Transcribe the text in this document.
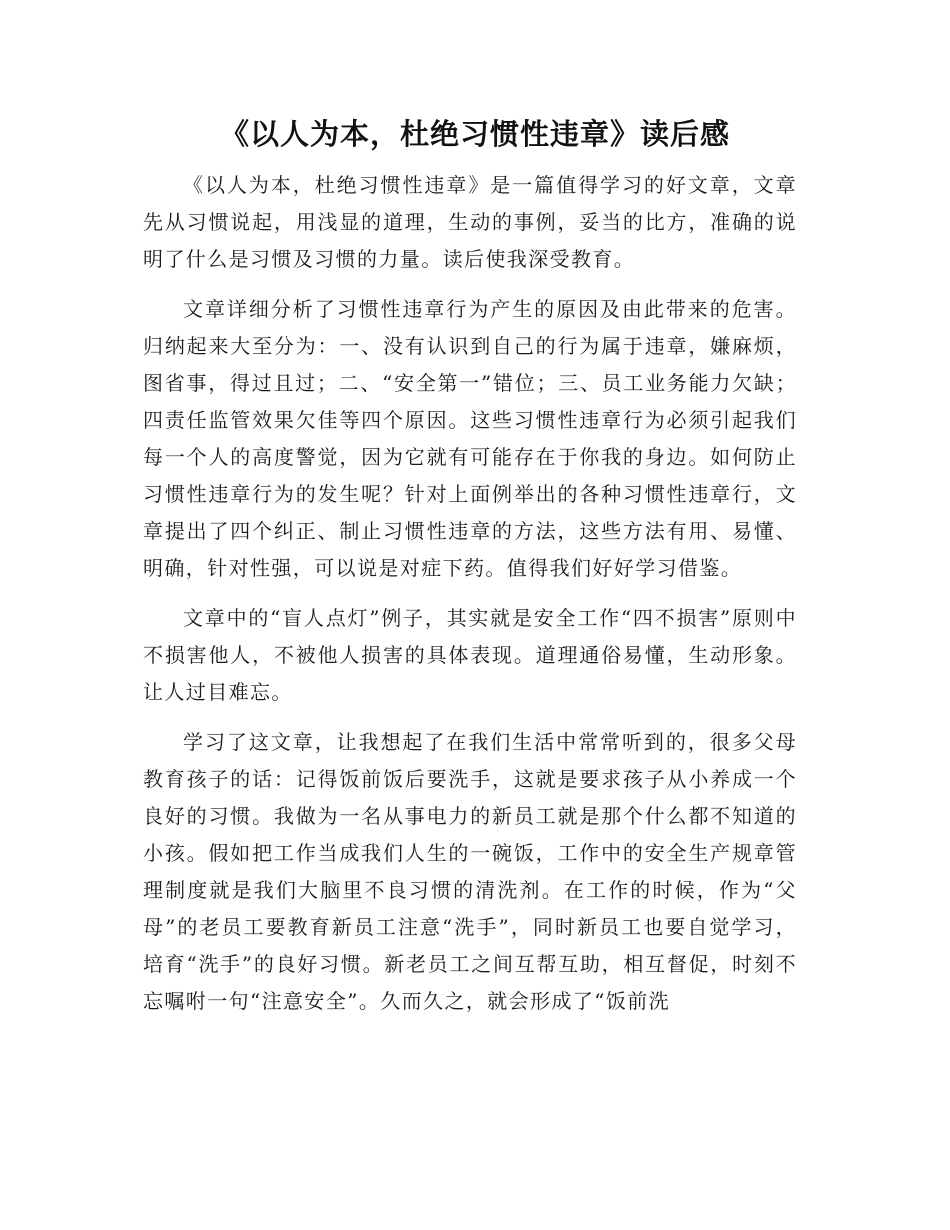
《以人为本，杜绝习惯性违章》读后感

《以人为本，杜绝习惯性违章》是一篇值得学习的好文章，文章先从习惯说起，用浅显的道理，生动的事例，妥当的比方，准确的说明了什么是习惯及习惯的力量。读后使我深受教育。

文章详细分析了习惯性违章行为产生的原因及由此带来的危害。归纳起来大至分为：一、没有认识到自己的行为属于违章，嫌麻烦，图省事，得过且过；二、“安全第一”错位；三、员工业务能力欠缺；四责任监管效果欠佳等四个原因。这些习惯性违章行为必须引起我们每一个人的高度警觉，因为它就有可能存在于你我的身边。如何防止习惯性违章行为的发生呢？针对上面例举出的各种习惯性违章行，文章提出了四个纠正、制止习惯性违章的方法，这些方法有用、易懂、明确，针对性强，可以说是对症下药。值得我们好好学习借鉴。

文章中的“盲人点灯”例子，其实就是安全工作“四不损害”原则中不损害他人，不被他人损害的具体表现。道理通俗易懂，生动形象。让人过目难忘。

学习了这文章，让我想起了在我们生活中常常听到的，很多父母教育孩子的话：记得饭前饭后要洗手，这就是要求孩子从小养成一个良好的习惯。我做为一名从事电力的新员工就是那个什么都不知道的小孩。假如把工作当成我们人生的一碗饭，工作中的安全生产规章管理制度就是我们大脑里不良习惯的清洗剂。在工作的时候，作为“父母”的老员工要教育新员工注意“洗手”，同时新员工也要自觉学习，培育“洗手”的良好习惯。新老员工之间互帮互助，相互督促，时刻不忘嘱咐一句“注意安全”。久而久之，就会形成了“饭前洗
